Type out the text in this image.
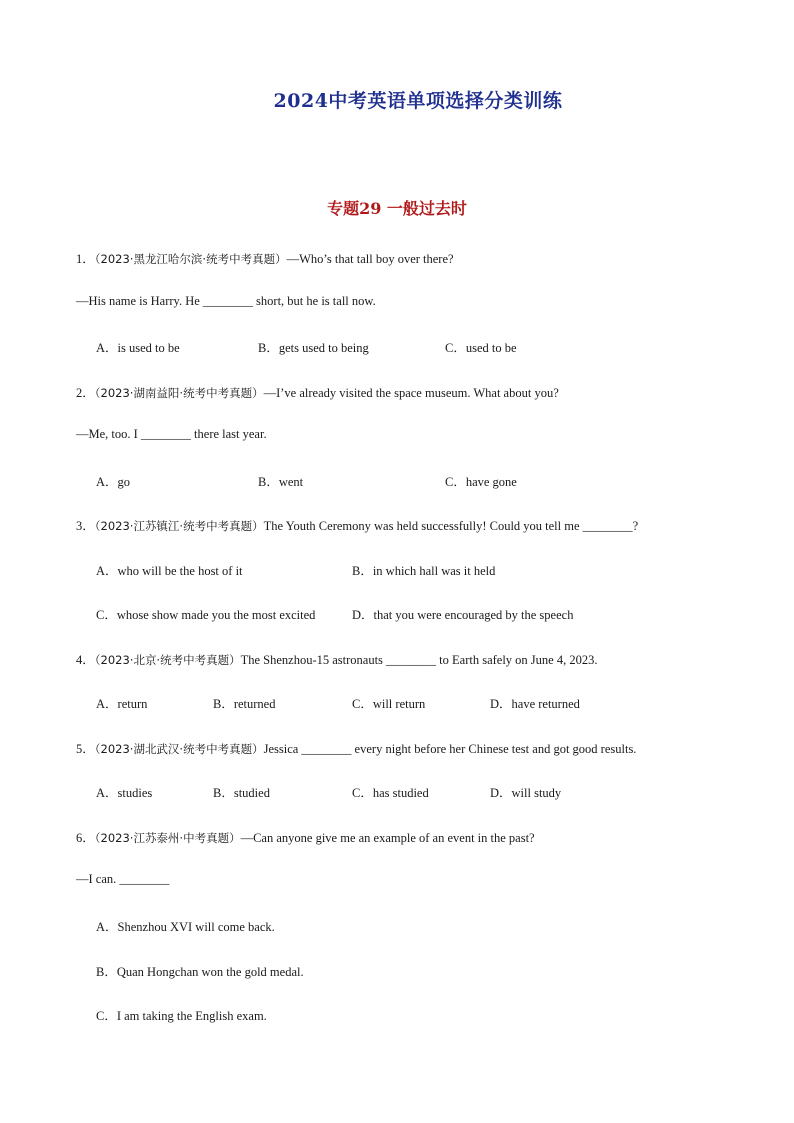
2024中考英语单项选择分类训练
专题29 一般过去时
1．（2023·黑龙江哈尔滨·统考中考真题）—Who’s that tall boy over there?
—His name is Harry. He ________ short, but he is tall now.
A．is used to be	B．gets used to being	C．used to be
2．（2023·湖南益阳·统考中考真题）—I’ve already visited the space museum. What about you?
—Me, too. I ________ there last year.
A．go	B．went	C．have gone
3．（2023·江苏镇江·统考中考真题）The Youth Ceremony was held successfully! Could you tell me ________?
A．who will be the host of it	B．in which hall was it held
C．whose show made you the most excited	D．that you were encouraged by the speech
4．（2023·北京·统考中考真题）The Shenzhou-15 astronauts ________ to Earth safely on June 4, 2023.
A．return	B．returned	C．will return	D．have returned
5．（2023·湖北武汉·统考中考真题）Jessica ________ every night before her Chinese test and got good results.
A．studies	B．studied	C．has studied	D．will study
6．（2023·江苏泰州·中考真题）—Can anyone give me an example of an event in the past?
—I can. ________
A．Shenzhou XVI will come back.
B．Quan Hongchan won the gold medal.
C．I am taking the English exam.
